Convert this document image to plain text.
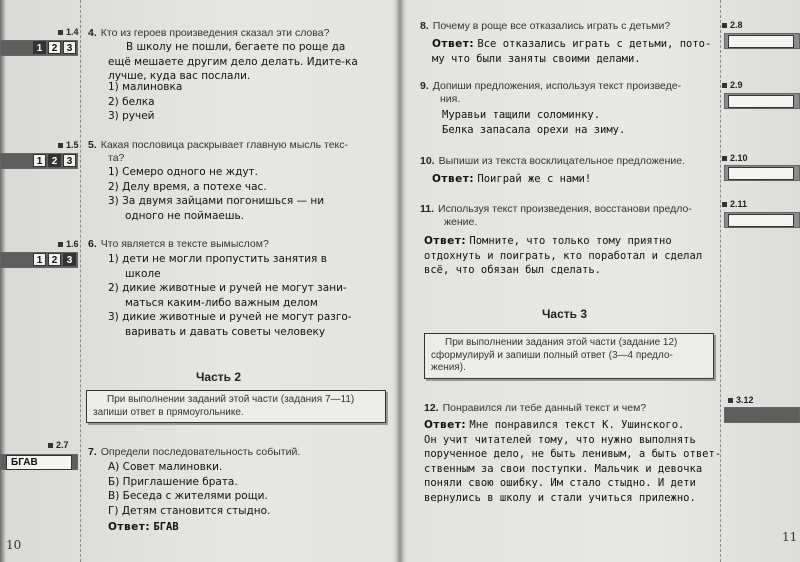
1.4
1 2 3
4. Кто из героев произведения сказал эти слова?
В школу не пошли, бегаете по роще да
ещё мешаете другим дело делать. Идите-ка
лучше, куда вас послали.
1) малиновка
2) белка
3) ручей
1.5
1 2 3
5. Какая пословица раскрывает главную мысль текс-
та?
1) Семеро одного не ждут.
2) Делу время, а потехе час.
3) За двумя зайцами погонишься — ни
одного не поймаешь.
1.6
1 2 3
6. Что является в тексте вымыслом?
1) дети не могли пропустить занятия в
школе
2) дикие животные и ручей не могут зани-
маться каким-либо важным делом
3) дикие животные и ручей не могут разго-
варивать и давать советы человеку
Часть 2
При выполнении заданий этой части (задания 7—11)
запиши ответ в прямоугольнике.
2.7
БГАВ
7. Определи последовательность событий.
А) Совет малиновки.
Б) Приглашение брата.
В) Беседа с жителями рощи.
Г) Детям становится стыдно.
Ответ: БГАВ
10
8. Почему в роще все отказались играть с детьми?
Ответ: Все отказались играть с детьми, пото-
му что были заняты своими делами.
2.8
9. Допиши предложения, используя текст произведе-
ния.
Муравьи тащили соломинку.
Белка запасала орехи на зиму.
2.9
10. Выпиши из текста восклицательное предложение.
Ответ: Поиграй же с нами!
2.10
11. Используя текст произведения, восстанови предло-
жение.
Ответ: Помните, что только тому приятно
отдохнуть и поиграть, кто поработал и сделал
всё, что обязан был сделать.
2.11
Часть 3
При выполнении задания этой части (задание 12)
сформулируй и запиши полный ответ (3—4 предло-
жения).
12. Понравился ли тебе данный текст и чем?
Ответ: Мне понравился текст К. Ушинского.
Он учит читателей тому, что нужно выполнять
порученное дело, не быть ленивым, а быть ответ-
ственным за свои поступки. Мальчик и девочка
поняли свою ошибку. Им стало стыдно. И дети
вернулись в школу и стали учиться прилежно.
3.12
11
